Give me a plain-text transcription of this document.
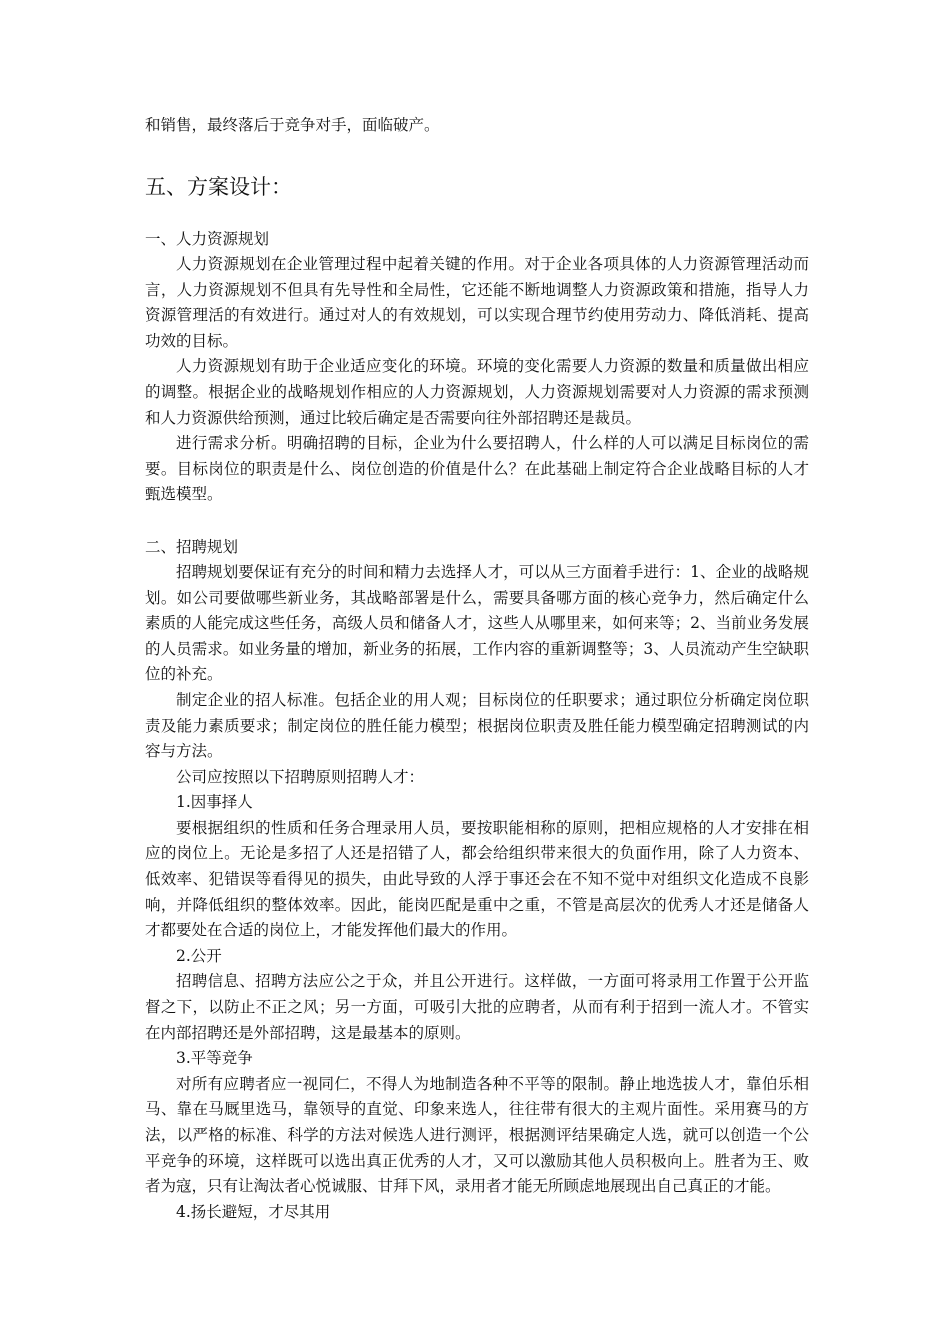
和销售，最终落后于竞争对手，面临破产。

五、方案设计：
一、人力资源规划

人力资源规划在企业管理过程中起着关键的作用。对于企业各项具体的人力资源管理活动而言，人力资源规划不但具有先导性和全局性，它还能不断地调整人力资源政策和措施，指导人力资源管理活的有效进行。通过对人的有效规划，可以实现合理节约使用劳动力、降低消耗、提高功效的目标。

人力资源规划有助于企业适应变化的环境。环境的变化需要人力资源的数量和质量做出相应的调整。根据企业的战略规划作相应的人力资源规划，人力资源规划需要对人力资源的需求预测和人力资源供给预测，通过比较后确定是否需要向往外部招聘还是裁员。

进行需求分析。明确招聘的目标，企业为什么要招聘人，什么样的人可以满足目标岗位的需要。目标岗位的职责是什么、岗位创造的价值是什么？在此基础上制定符合企业战略目标的人才甄选模型。

二、招聘规划

招聘规划要保证有充分的时间和精力去选择人才，可以从三方面着手进行：1、企业的战略规划。如公司要做哪些新业务，其战略部署是什么，需要具备哪方面的核心竞争力，然后确定什么素质的人能完成这些任务，高级人员和储备人才，这些人从哪里来，如何来等；2、当前业务发展的人员需求。如业务量的增加，新业务的拓展，工作内容的重新调整等；3、人员流动产生空缺职位的补充。

制定企业的招人标准。包括企业的用人观；目标岗位的任职要求；通过职位分析确定岗位职责及能力素质要求；制定岗位的胜任能力模型；根据岗位职责及胜任能力模型确定招聘测试的内容与方法。

公司应按照以下招聘原则招聘人才：

1.因事择人

要根据组织的性质和任务合理录用人员，要按职能相称的原则，把相应规格的人才安排在相应的岗位上。无论是多招了人还是招错了人，都会给组织带来很大的负面作用，除了人力资本、低效率、犯错误等看得见的损失，由此导致的人浮于事还会在不知不觉中对组织文化造成不良影响，并降低组织的整体效率。因此，能岗匹配是重中之重，不管是高层次的优秀人才还是储备人才都要处在合适的岗位上，才能发挥他们最大的作用。

2.公开

招聘信息、招聘方法应公之于众，并且公开进行。这样做，一方面可将录用工作置于公开监督之下，以防止不正之风；另一方面，可吸引大批的应聘者，从而有利于招到一流人才。不管实在内部招聘还是外部招聘，这是最基本的原则。

3.平等竞争

对所有应聘者应一视同仁，不得人为地制造各种不平等的限制。静止地选拔人才，靠伯乐相马、靠在马厩里选马，靠领导的直觉、印象来选人，往往带有很大的主观片面性。采用赛马的方法，以严格的标准、科学的方法对候选人进行测评，根据测评结果确定人选，就可以创造一个公平竞争的环境，这样既可以选出真正优秀的人才，又可以激励其他人员积极向上。胜者为王、败者为寇，只有让淘汰者心悦诚服、甘拜下风，录用者才能无所顾虑地展现出自己真正的才能。

4.扬长避短，才尽其用
